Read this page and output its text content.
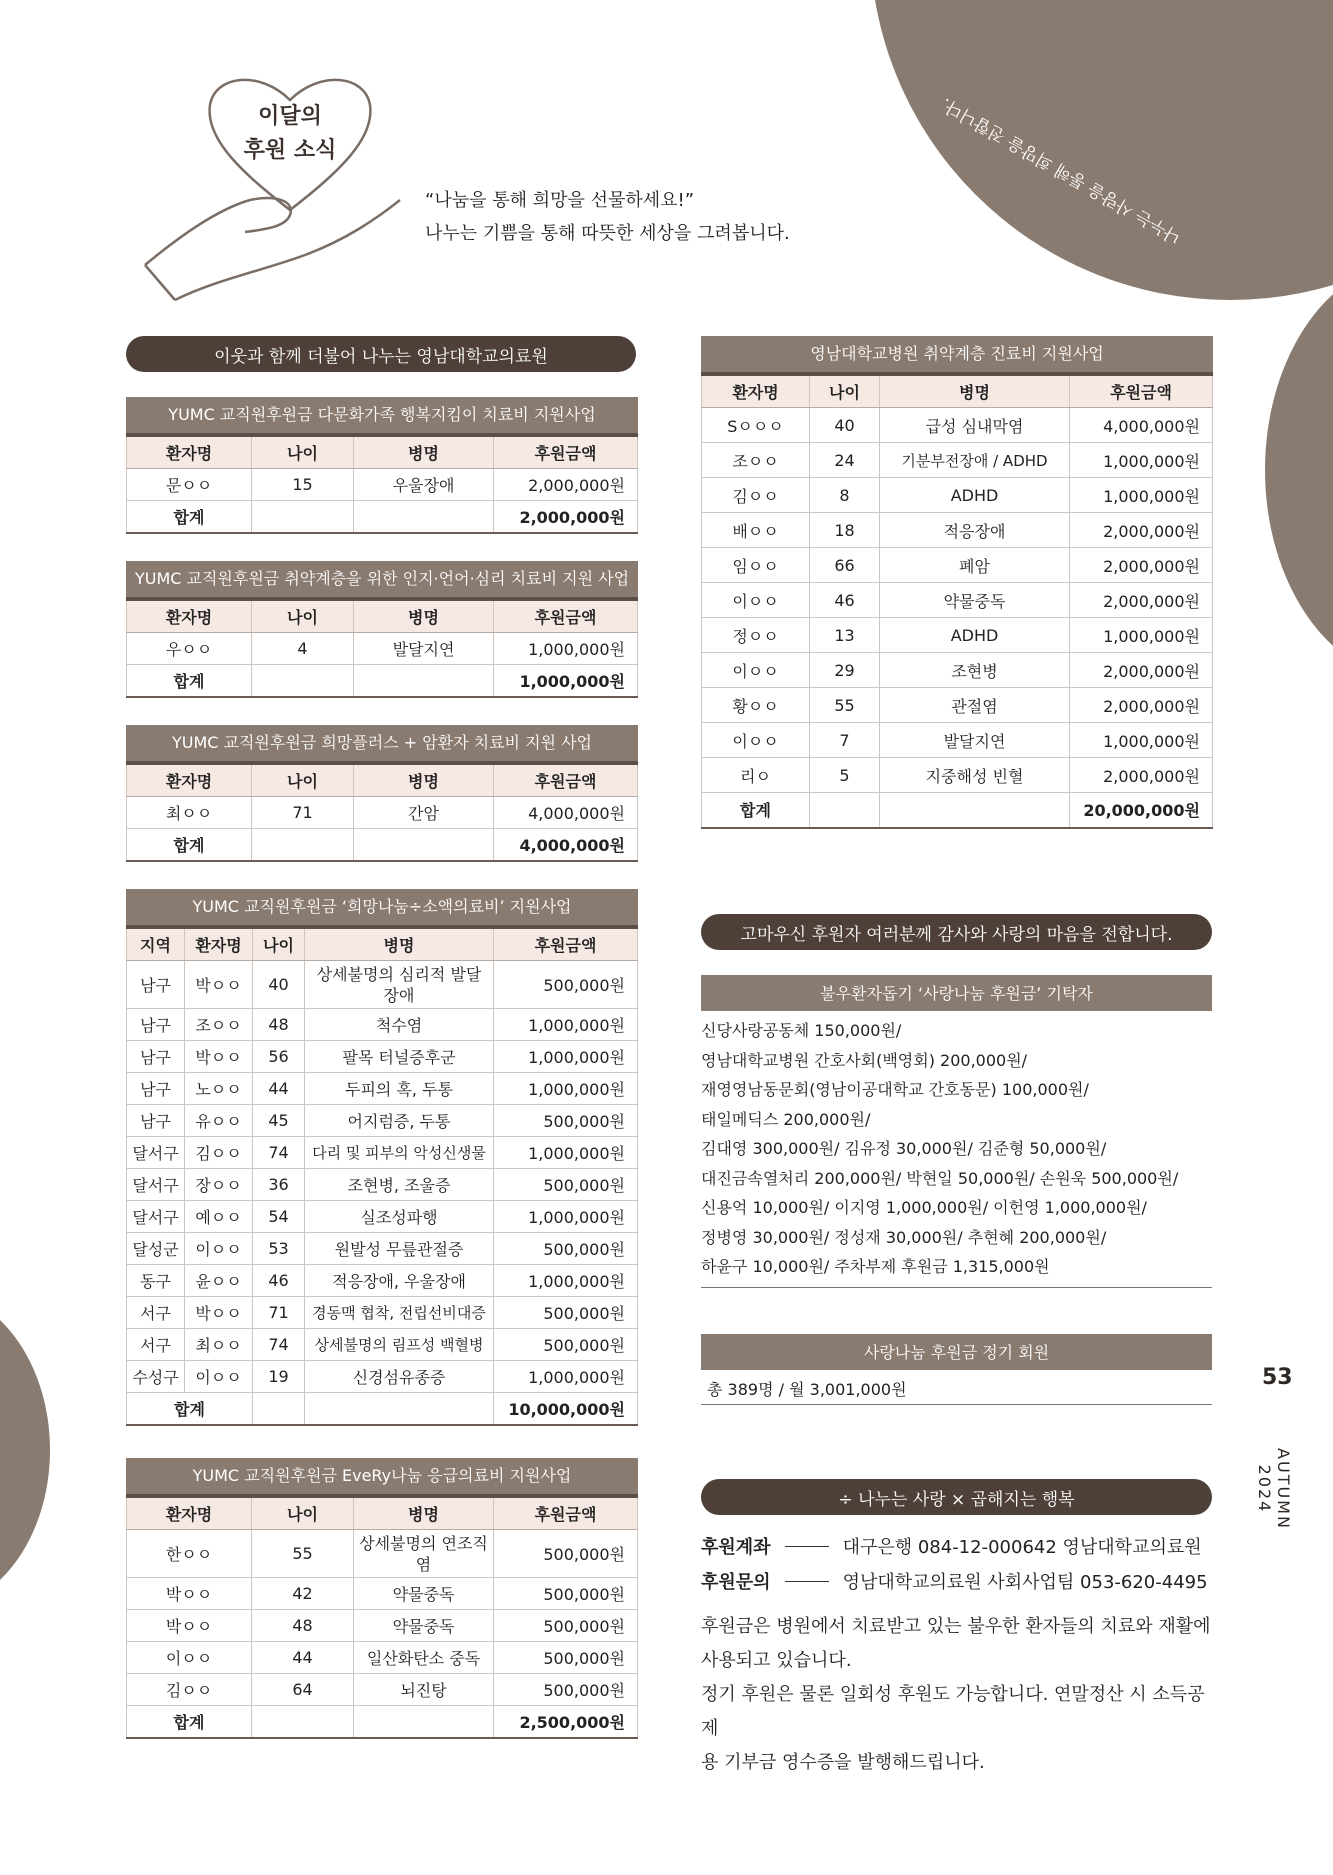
나누는 사랑을 통해 희망을 전합니다.
이달의
후원 소식
“나눔을 통해 희망을 선물하세요!”
나누는 기쁨을 통해 따뜻한 세상을 그려봅니다.
이웃과 함께 더불어 나누는 영남대학교의료원
YUMC 교직원후원금 다문화가족 행복지킴이 치료비 지원사업
환자명	나이	병명	후원금액
문ㅇㅇ	15	우울장애	2,000,000원
합계			2,000,000원
YUMC 교직원후원금 취약계층을 위한 인지·언어·심리 치료비 지원 사업
환자명	나이	병명	후원금액
우ㅇㅇ	4	발달지연	1,000,000원
합계			1,000,000원
YUMC 교직원후원금 희망플러스 + 암환자 치료비 지원 사업
환자명	나이	병명	후원금액
최ㅇㅇ	71	간암	4,000,000원
합계			4,000,000원
YUMC 교직원후원금 ‘희망나눔÷소액의료비’ 지원사업
지역	환자명	나이	병명	후원금액
남구	박ㅇㅇ	40	상세불명의 심리적 발달장애	500,000원
남구	조ㅇㅇ	48	척수염	1,000,000원
남구	박ㅇㅇ	56	팔목 터널증후군	1,000,000원
남구	노ㅇㅇ	44	두피의 혹, 두통	1,000,000원
남구	유ㅇㅇ	45	어지럼증, 두통	500,000원
달서구	김ㅇㅇ	74	다리 및 피부의 악성신생물	1,000,000원
달서구	장ㅇㅇ	36	조현병, 조울증	500,000원
달서구	예ㅇㅇ	54	실조성파행	1,000,000원
달성군	이ㅇㅇ	53	원발성 무릎관절증	500,000원
동구	윤ㅇㅇ	46	적응장애, 우울장애	1,000,000원
서구	박ㅇㅇ	71	경동맥 협착, 전립선비대증	500,000원
서구	최ㅇㅇ	74	상세불명의 림프성 백혈병	500,000원
수성구	이ㅇㅇ	19	신경섬유종증	1,000,000원
합계				10,000,000원
YUMC 교직원후원금 EveRy나눔 응급의료비 지원사업
환자명	나이	병명	후원금액
한ㅇㅇ	55	상세불명의 연조직염	500,000원
박ㅇㅇ	42	약물중독	500,000원
박ㅇㅇ	48	약물중독	500,000원
이ㅇㅇ	44	일산화탄소 중독	500,000원
김ㅇㅇ	64	뇌진탕	500,000원
합계			2,500,000원
영남대학교병원 취약계층 진료비 지원사업
환자명	나이	병명	후원금액
Sㅇㅇㅇ	40	급성 심내막염	4,000,000원
조ㅇㅇ	24	기분부전장애 / ADHD	1,000,000원
김ㅇㅇ	8	ADHD	1,000,000원
배ㅇㅇ	18	적응장애	2,000,000원
임ㅇㅇ	66	폐암	2,000,000원
이ㅇㅇ	46	약물중독	2,000,000원
정ㅇㅇ	13	ADHD	1,000,000원
이ㅇㅇ	29	조현병	2,000,000원
황ㅇㅇ	55	관절염	2,000,000원
이ㅇㅇ	7	발달지연	1,000,000원
리ㅇ	5	지중해성 빈혈	2,000,000원
합계			20,000,000원
고마우신 후원자 여러분께 감사와 사랑의 마음을 전합니다.
불우환자돕기 ‘사랑나눔 후원금’ 기탁자

신당사랑공동체 150,000원/

영남대학교병원 간호사회(백영회) 200,000원/

재영영남동문회(영남이공대학교 간호동문) 100,000원/

태일메딕스 200,000원/

김대영 300,000원/ 김유정 30,000원/ 김준형 50,000원/

대진금속열처리 200,000원/ 박현일 50,000원/ 손원욱 500,000원/

신용억 10,000원/ 이지영 1,000,000원/ 이헌영 1,000,000원/

정병영 30,000원/ 정성재 30,000원/ 추현혜 200,000원/

하윤구 10,000원/ 주차부제 후원금 1,315,000원

사랑나눔 후원금 정기 회원
총 389명 / 월 3,001,000원
÷ 나누는 사랑 × 곱해지는 행복
후원계좌	대구은행 084-12-000642 영남대학교의료원
후원문의	영남대학교의료원 사회사업팀 053-620-4495
후원금은 병원에서 치료받고 있는 불우한 환자들의 치료와 재활에
사용되고 있습니다.
정기 후원은 물론 일회성 후원도 가능합니다. 연말정산 시 소득공제
용 기부금 영수증을 발행해드립니다.
53
AUTUMN 2024
